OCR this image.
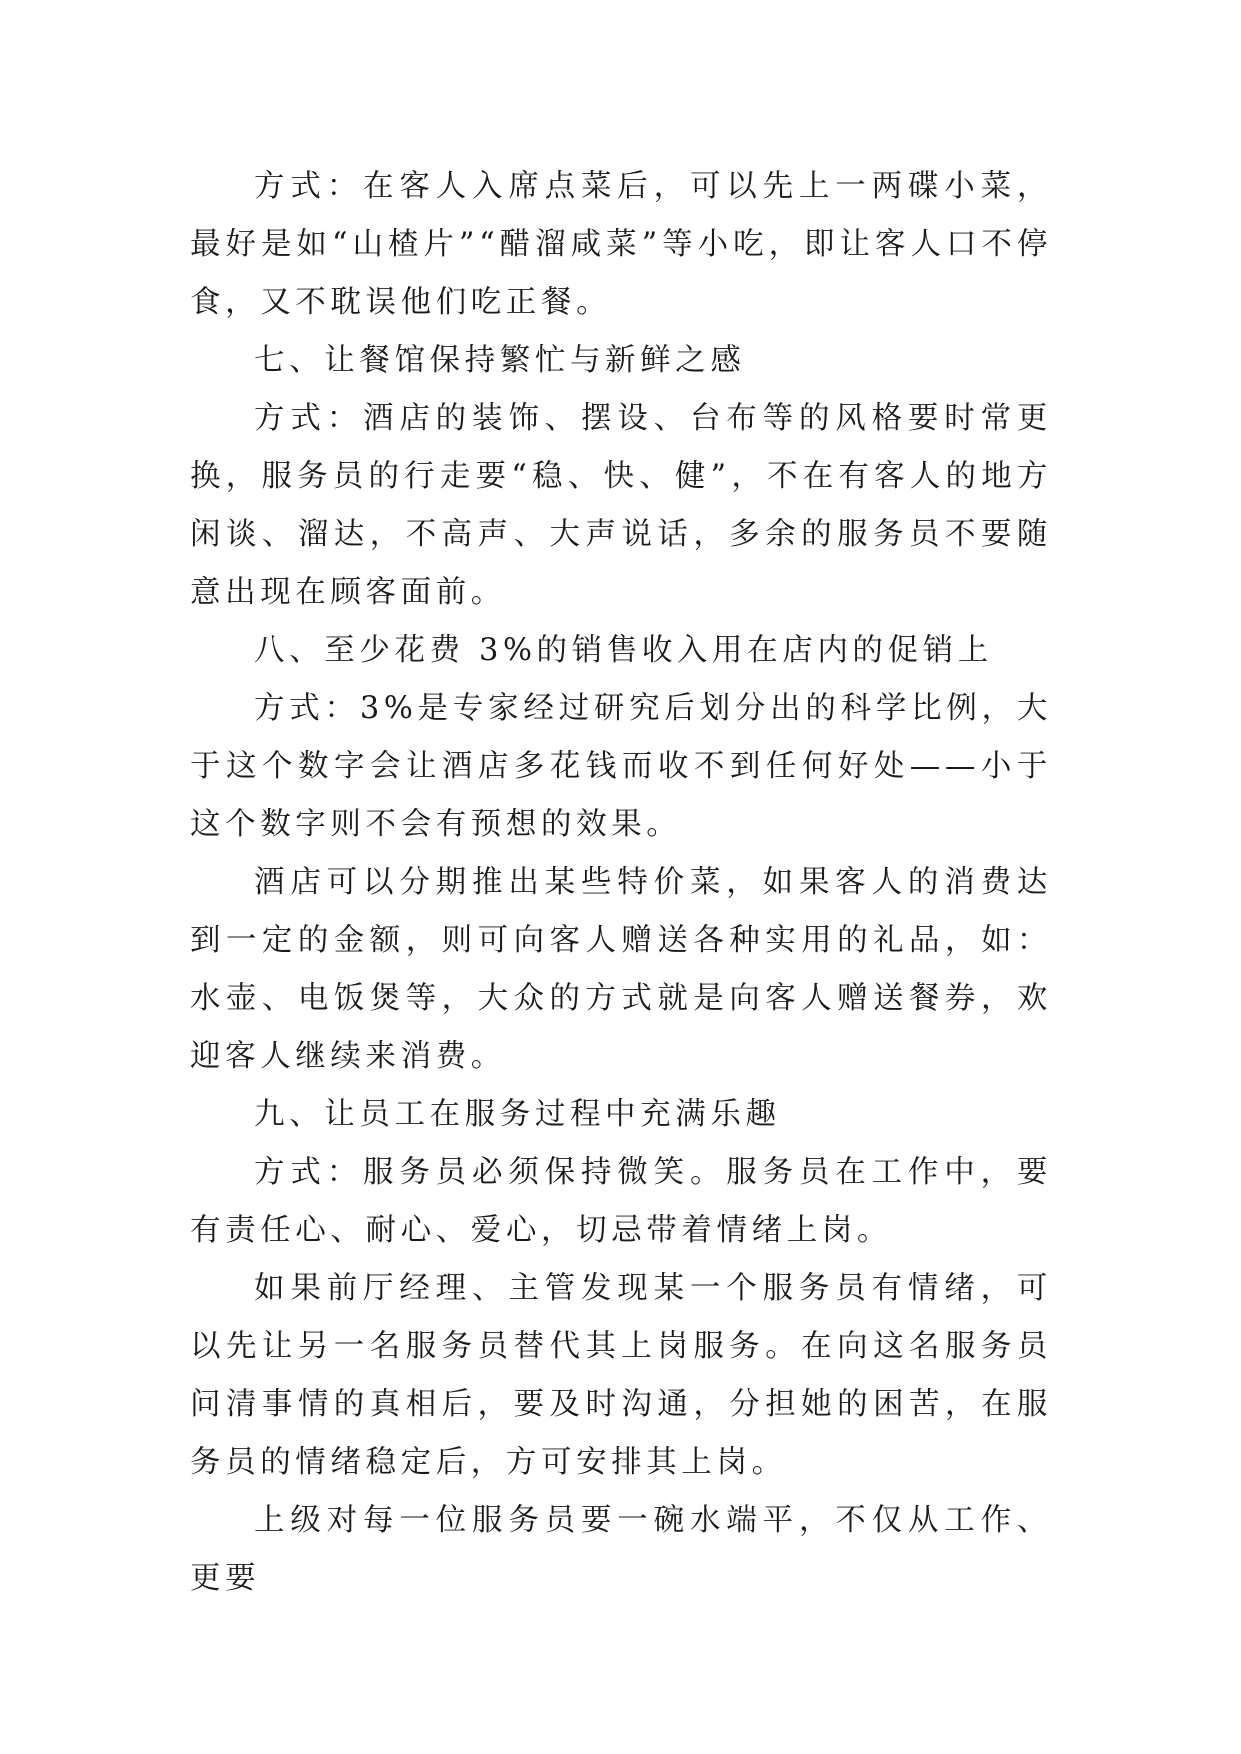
方式：在客人入席点菜后，可以先上一两碟小菜，最好是如“山楂片”“醋溜咸菜”等小吃，即让客人口不停食，又不耽误他们吃正餐。

七、让餐馆保持繁忙与新鲜之感

方式：酒店的装饰、摆设、台布等的风格要时常更换，服务员的行走要“稳、快、健”，不在有客人的地方闲谈、溜达，不高声、大声说话，多余的服务员不要随意出现在顾客面前。

八、至少花费 3%的销售收入用在店内的促销上

方式：3%是专家经过研究后划分出的科学比例，大于这个数字会让酒店多花钱而收不到任何好处——小于这个数字则不会有预想的效果。

酒店可以分期推出某些特价菜，如果客人的消费达到一定的金额，则可向客人赠送各种实用的礼品，如：水壶、电饭煲等，大众的方式就是向客人赠送餐券，欢迎客人继续来消费。

九、让员工在服务过程中充满乐趣

方式：服务员必须保持微笑。服务员在工作中，要有责任心、耐心、爱心，切忌带着情绪上岗。

如果前厅经理、主管发现某一个服务员有情绪，可以先让另一名服务员替代其上岗服务。在向这名服务员问清事情的真相后，要及时沟通，分担她的困苦，在服务员的情绪稳定后，方可安排其上岗。

上级对每一位服务员要一碗水端平，不仅从工作、更要
